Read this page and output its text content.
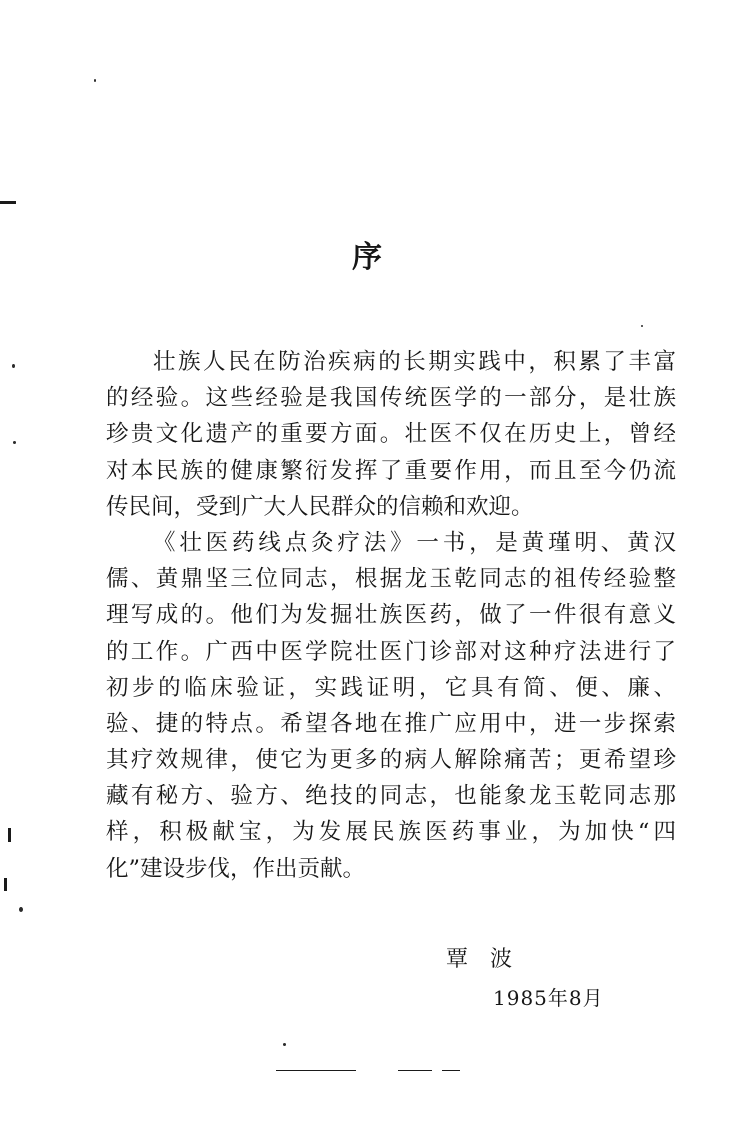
序
壮族人民在防治疾病的长期实践中，积累了丰富
的经验。这些经验是我国传统医学的一部分，是壮族
珍贵文化遗产的重要方面。壮医不仅在历史上，曾经
对本民族的健康繁衍发挥了重要作用，而且至今仍流
传民间，受到广大人民群众的信赖和欢迎。
《壮医药线点灸疗法》一书，是黄瑾明、黄汉
儒、黄鼎坚三位同志，根据龙玉乾同志的祖传经验整
理写成的。他们为发掘壮族医药，做了一件很有意义
的工作。广西中医学院壮医门诊部对这种疗法进行了
初步的临床验证，实践证明，它具有简、便、廉、
验、捷的特点。希望各地在推广应用中，进一步探索
其疗效规律，使它为更多的病人解除痛苦；更希望珍
藏有秘方、验方、绝技的同志，也能象龙玉乾同志那
样，积极献宝，为发展民族医药事业，为加快“四
化”建设步伐，作出贡献。
覃波
1985年8月
